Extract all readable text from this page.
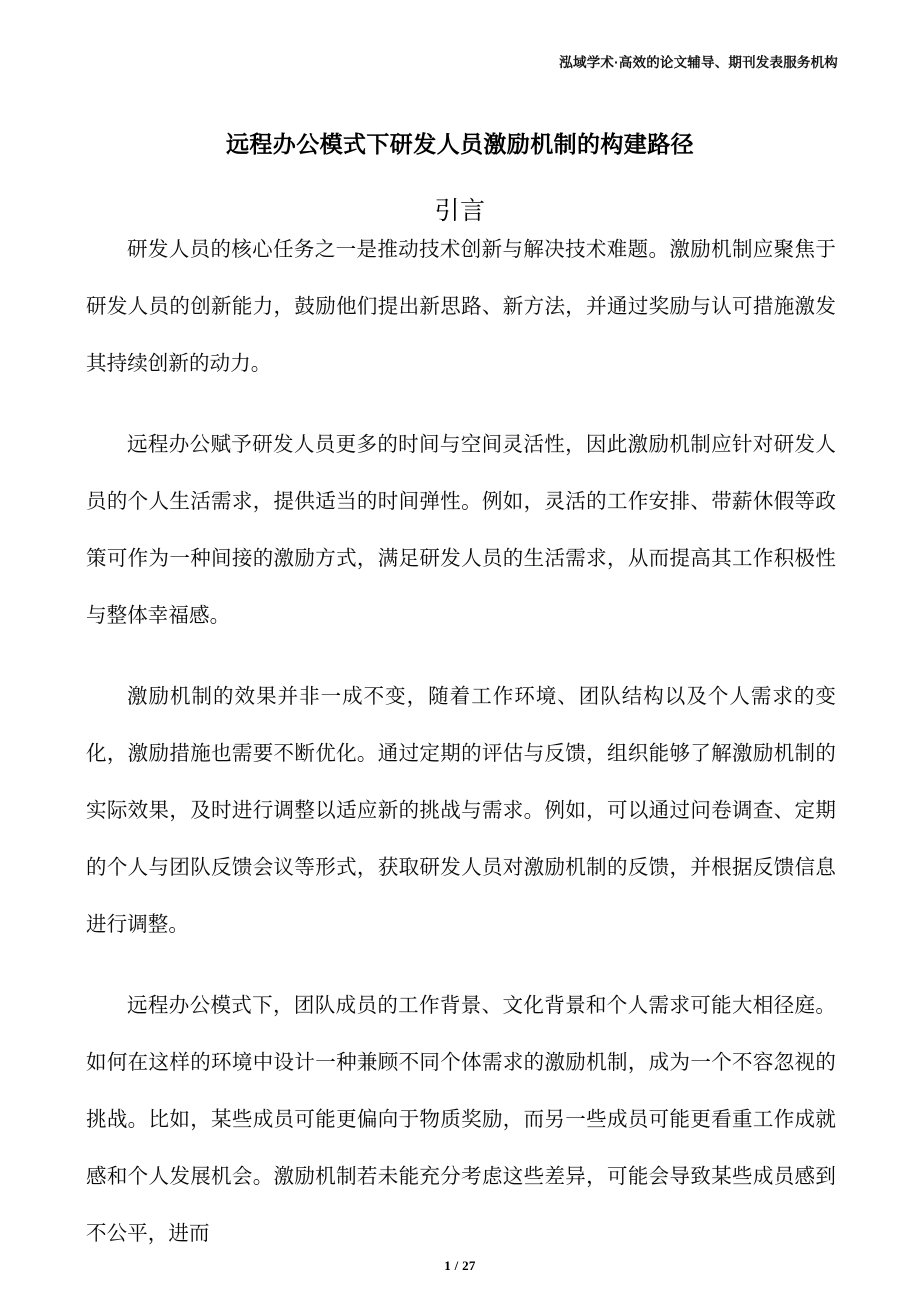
泓域学术·高效的论文辅导、期刊发表服务机构
远程办公模式下研发人员激励机制的构建路径
引言

研发人员的核心任务之一是推动技术创新与解决技术难题。激励机制应聚焦于研发人员的创新能力，鼓励他们提出新思路、新方法，并通过奖励与认可措施激发其持续创新的动力。

远程办公赋予研发人员更多的时间与空间灵活性，因此激励机制应针对研发人员的个人生活需求，提供适当的时间弹性。例如，灵活的工作安排、带薪休假等政策可作为一种间接的激励方式，满足研发人员的生活需求，从而提高其工作积极性与整体幸福感。

激励机制的效果并非一成不变，随着工作环境、团队结构以及个人需求的变化，激励措施也需要不断优化。通过定期的评估与反馈，组织能够了解激励机制的实际效果，及时进行调整以适应新的挑战与需求。例如，可以通过问卷调查、定期的个人与团队反馈会议等形式，获取研发人员对激励机制的反馈，并根据反馈信息进行调整。

远程办公模式下，团队成员的工作背景、文化背景和个人需求可能大相径庭。如何在这样的环境中设计一种兼顾不同个体需求的激励机制，成为一个不容忽视的挑战。比如，某些成员可能更偏向于物质奖励，而另一些成员可能更看重工作成就感和个人发展机会。激励机制若未能充分考虑这些差异，可能会导致某些成员感到不公平，进而

1 / 27
